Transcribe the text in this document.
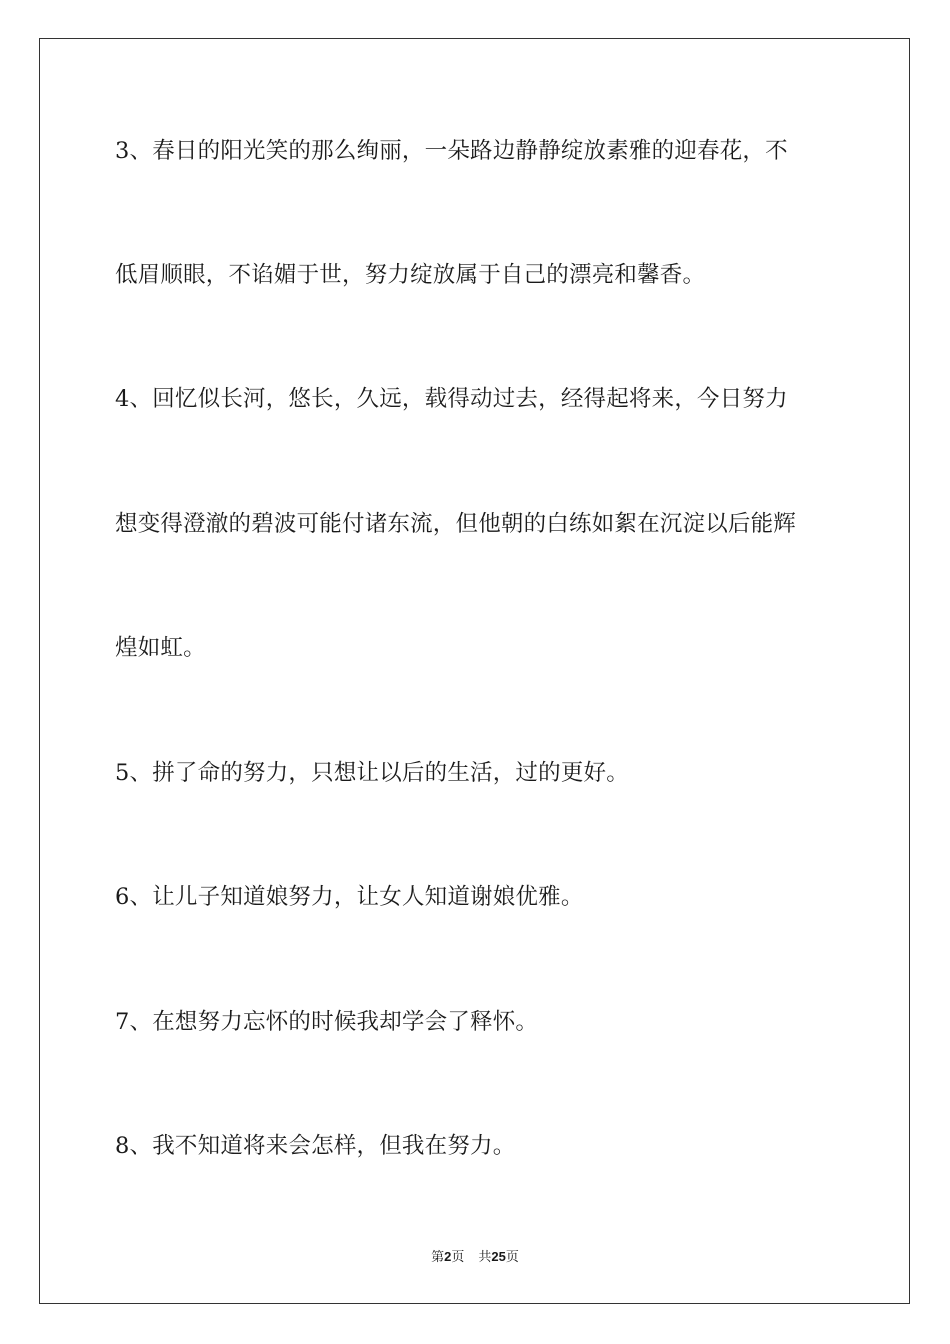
3、春日的阳光笑的那么绚丽，一朵路边静静绽放素雅的迎春花，不
低眉顺眼，不谄媚于世，努力绽放属于自己的漂亮和馨香。
4、回忆似长河，悠长，久远，载得动过去，经得起将来，今日努力
想变得澄澈的碧波可能付诸东流，但他朝的白练如絮在沉淀以后能辉
煌如虹。
5、拼了命的努力，只想让以后的生活，过的更好。
6、让儿子知道娘努力，让女人知道谢娘优雅。
7、在想努力忘怀的时候我却学会了释怀。
8、我不知道将来会怎样，但我在努力。
第2页 共25页
